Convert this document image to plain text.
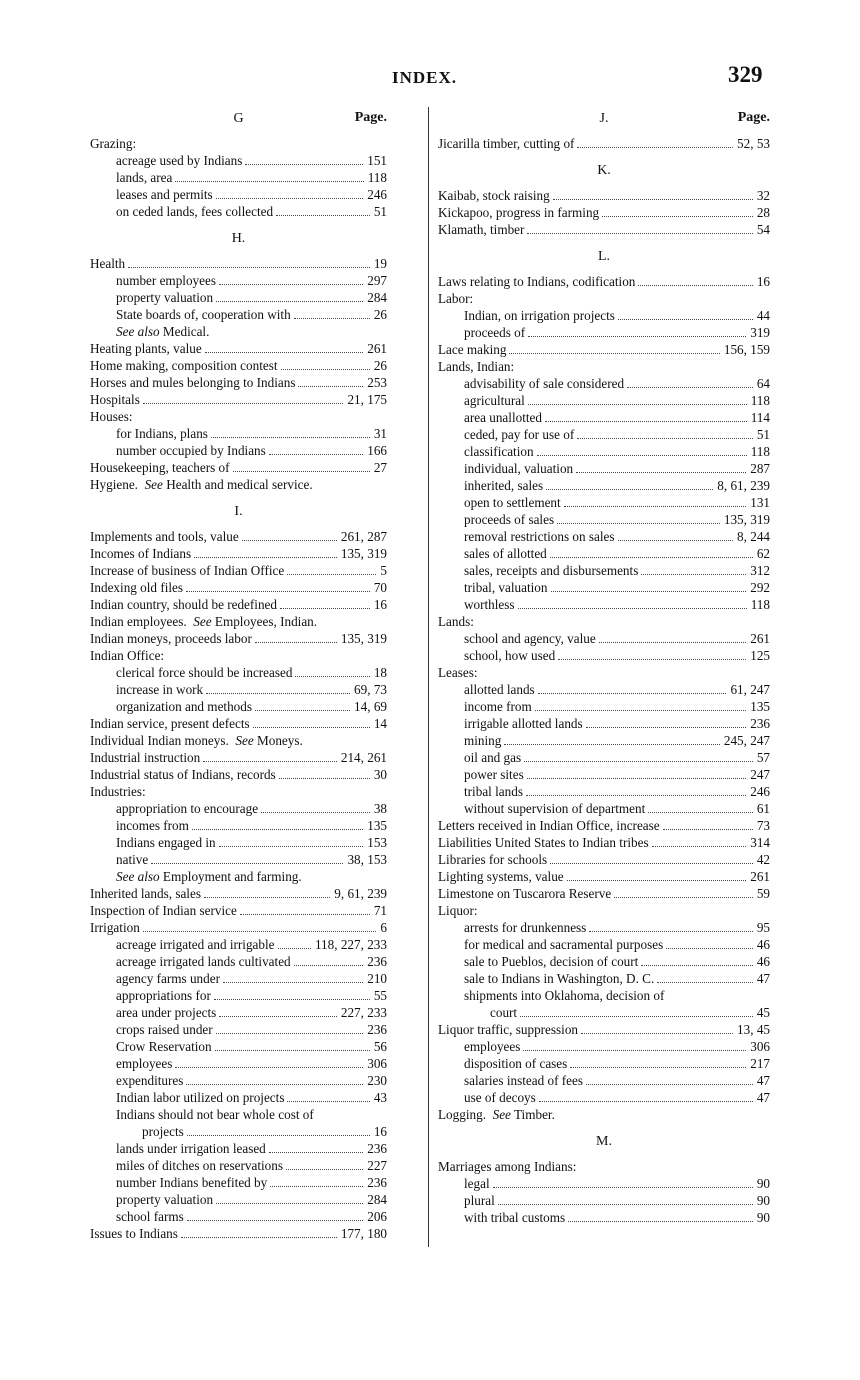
INDEX.	329
G	Page.
Grazing:
acreage used by Indians	151
lands, area	118
leases and permits	246
on ceded lands, fees collected	51
H.
Health	19
number employees	297
property valuation	284
State boards of, cooperation with	26
See also Medical.
Heating plants, value	261
Home making, composition contest	26
Horses and mules belonging to Indians	253
Hospitals	21, 175
Houses:
for Indians, plans	31
number occupied by Indians	166
Housekeeping, teachers of	27
Hygiene.
See Health and medical service.
I.
Implements and tools, value	261, 287
Incomes of Indians	135, 319
Increase of business of Indian Office	5
Indexing old files	70
Indian country, should be redefined	16
Indian employees.
See Employees, Indian.
Indian moneys, proceeds labor	135, 319
Indian Office:
clerical force should be increased	18
increase in work	69, 73
organization and methods	14, 69
Indian service, present defects	14
Individual Indian moneys.
See Moneys.
Industrial instruction	214, 261
Industrial status of Indians, records	30
Industries:
appropriation to encourage	38
incomes from	135
Indians engaged in	153
native	38, 153
See also Employment and farming.
Inherited lands, sales	9, 61, 239
Inspection of Indian service	71
Irrigation	6
acreage irrigated and irrigable	118, 227, 233
acreage irrigated lands cultivated	236
agency farms under	210
appropriations for	55
area under projects	227, 233
crops raised under	236
Crow Reservation	56
employees	306
expenditures	230
Indian labor utilized on projects	43
Indians should not bear whole cost of
projects	16
lands under irrigation leased	236
miles of ditches on reservations	227
number Indians benefited by	236
property valuation	284
school farms	206
Issues to Indians	177, 180
J.	Page.
Jicarilla timber, cutting of	52, 53
K.
Kaibab, stock raising	32
Kickapoo, progress in farming	28
Klamath, timber	54
L.
Laws relating to Indians, codification	16
Labor:
Indian, on irrigation projects	44
proceeds of	319
Lace making	156, 159
Lands, Indian:
advisability of sale considered	64
agricultural	118
area unallotted	114
ceded, pay for use of	51
classification	118
individual, valuation	287
inherited, sales	8, 61, 239
open to settlement	131
proceeds of sales	135, 319
removal restrictions on sales	8, 244
sales of allotted	62
sales, receipts and disbursements	312
tribal, valuation	292
worthless	118
Lands:
school and agency, value	261
school, how used	125
Leases:
allotted lands	61, 247
income from	135
irrigable allotted lands	236
mining	245, 247
oil and gas	57
power sites	247
tribal lands	246
without supervision of department	61
Letters received in Indian Office, increase	73
Liabilities United States to Indian tribes	314
Libraries for schools	42
Lighting systems, value	261
Limestone on Tuscarora Reserve	59
Liquor:
arrests for drunkenness	95
for medical and sacramental purposes	46
sale to Pueblos, decision of court	46
sale to Indians in Washington, D. C.	47
shipments into Oklahoma, decision of
court	45
Liquor traffic, suppression	13, 45
employees	306
disposition of cases	217
salaries instead of fees	47
use of decoys	47
Logging.
See Timber.
M.
Marriages among Indians:
legal	90
plural	90
with tribal customs	90
